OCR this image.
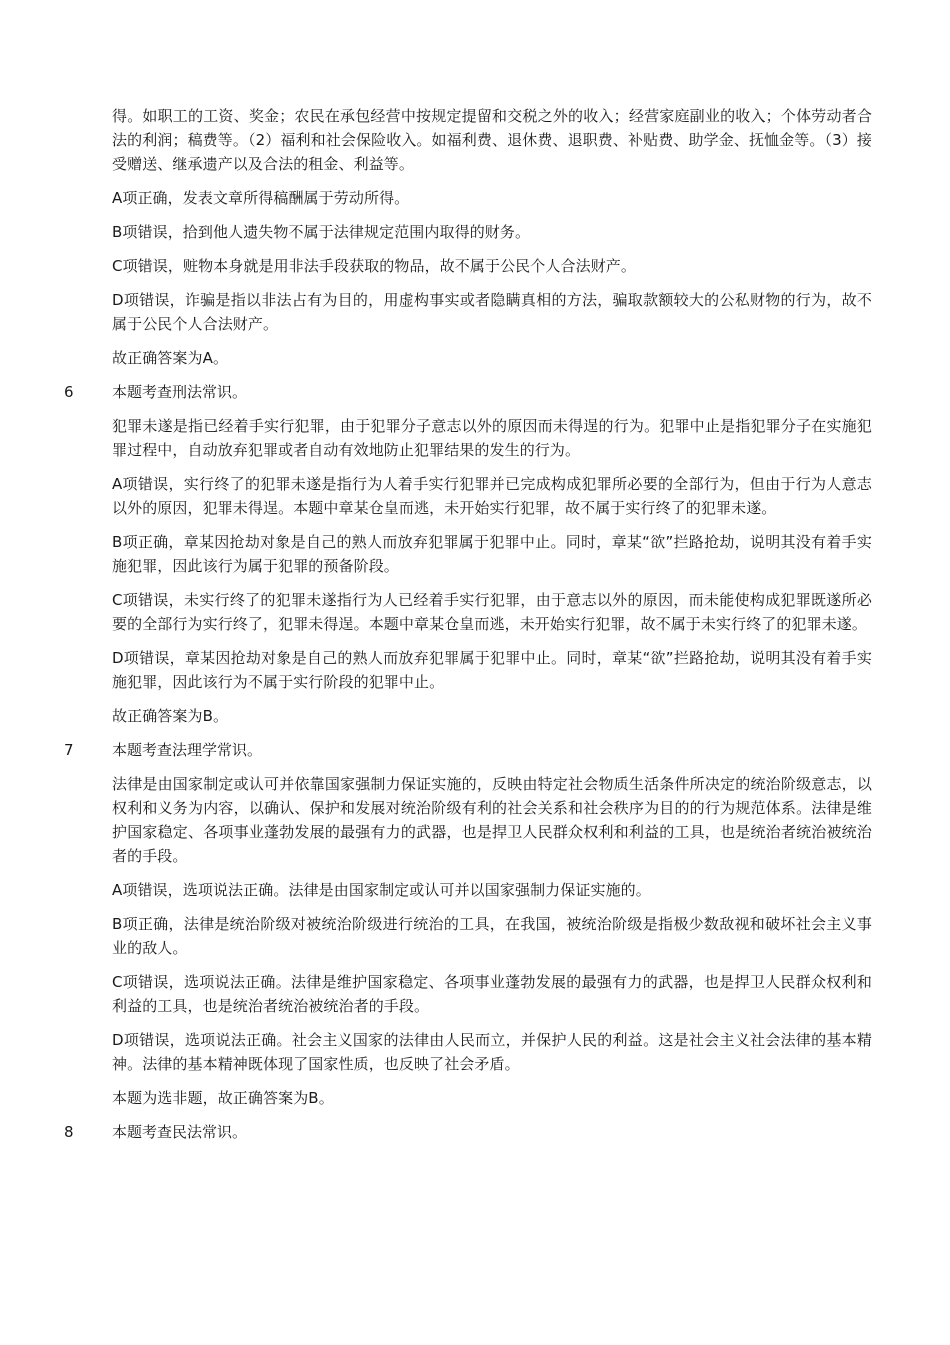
得。如职工的工资、奖金；农民在承包经营中按规定提留和交税之外的收入；经营家庭副业的收入；个体劳动者合法的利润；稿费等。（2）福利和社会保险收入。如福利费、退休费、退职费、补贴费、助学金、抚恤金等。（3）接受赠送、继承遗产以及合法的租金、利益等。

A项正确，发表文章所得稿酬属于劳动所得。

B项错误，拾到他人遗失物不属于法律规定范围内取得的财务。

C项错误，赃物本身就是用非法手段获取的物品，故不属于公民个人合法财产。

D项错误，诈骗是指以非法占有为目的，用虚构事实或者隐瞒真相的方法，骗取款额较大的公私财物的行为，故不属于公民个人合法财产。

故正确答案为A。

6	本题考查刑法常识。

犯罪未遂是指已经着手实行犯罪，由于犯罪分子意志以外的原因而未得逞的行为。犯罪中止是指犯罪分子在实施犯罪过程中，自动放弃犯罪或者自动有效地防止犯罪结果的发生的行为。

A项错误，实行终了的犯罪未遂是指行为人着手实行犯罪并已完成构成犯罪所必要的全部行为，但由于行为人意志以外的原因，犯罪未得逞。本题中章某仓皇而逃，未开始实行犯罪，故不属于实行终了的犯罪未遂。

B项正确，章某因抢劫对象是自己的熟人而放弃犯罪属于犯罪中止。同时，章某“欲”拦路抢劫，说明其没有着手实施犯罪，因此该行为属于犯罪的预备阶段。

C项错误，未实行终了的犯罪未遂指行为人已经着手实行犯罪，由于意志以外的原因，而未能使构成犯罪既遂所必要的全部行为实行终了，犯罪未得逞。本题中章某仓皇而逃，未开始实行犯罪，故不属于未实行终了的犯罪未遂。

D项错误，章某因抢劫对象是自己的熟人而放弃犯罪属于犯罪中止。同时，章某“欲”拦路抢劫，说明其没有着手实施犯罪，因此该行为不属于实行阶段的犯罪中止。

故正确答案为B。

7	本题考查法理学常识。

法律是由国家制定或认可并依靠国家强制力保证实施的，反映由特定社会物质生活条件所决定的统治阶级意志，以权利和义务为内容，以确认、保护和发展对统治阶级有利的社会关系和社会秩序为目的的行为规范体系。法律是维护国家稳定、各项事业蓬勃发展的最强有力的武器，也是捍卫人民群众权利和利益的工具，也是统治者统治被统治者的手段。

A项错误，选项说法正确。法律是由国家制定或认可并以国家强制力保证实施的。

B项正确，法律是统治阶级对被统治阶级进行统治的工具，在我国，被统治阶级是指极少数敌视和破坏社会主义事业的敌人。

C项错误，选项说法正确。法律是维护国家稳定、各项事业蓬勃发展的最强有力的武器，也是捍卫人民群众权利和利益的工具，也是统治者统治被统治者的手段。

D项错误，选项说法正确。社会主义国家的法律由人民而立，并保护人民的利益。这是社会主义社会法律的基本精神。法律的基本精神既体现了国家性质，也反映了社会矛盾。

本题为选非题，故正确答案为B。

8	本题考查民法常识。
